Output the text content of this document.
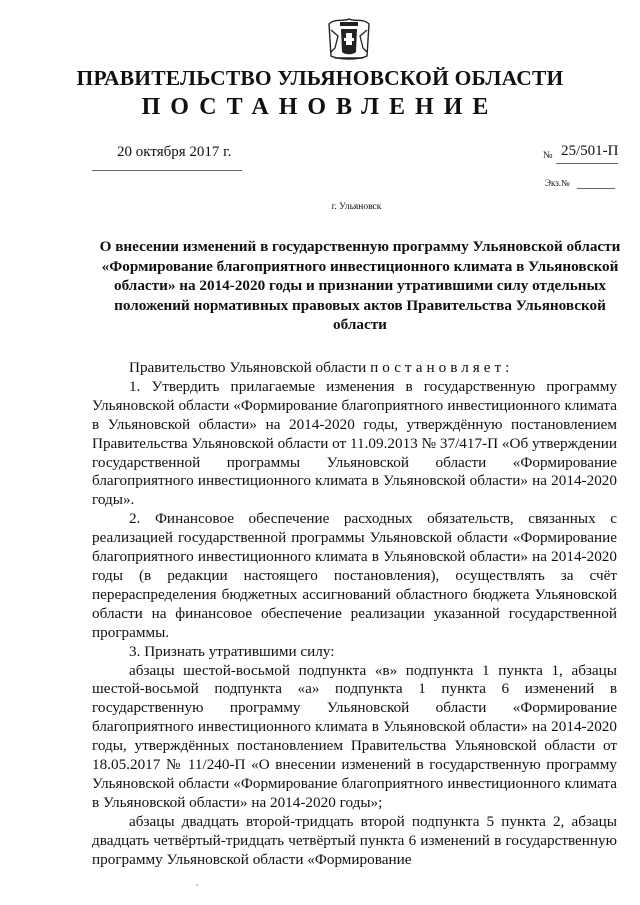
ПРАВИТЕЛЬСТВО УЛЬЯНОВСКОЙ ОБЛАСТИ
ПОСТАНОВЛЕНИЕ
20 октября 2017 г.	№ 25/501-П
Экз.№
г. Ульяновск
О внесении изменений в государственную программу Ульяновской области «Формирование благоприятного инвестиционного климата в Ульяновской области» на 2014-2020 годы и признании утратившими силу отдельных положений нормативных правовых актов Правительства Ульяновской области

Правительство Ульяновской области постановляет:

1. Утвердить прилагаемые изменения в государственную программу Ульяновской области «Формирование благоприятного инвестиционного климата в Ульяновской области» на 2014-2020 годы, утверждённую постановлением Правительства Ульяновской области от 11.09.2013 № 37/417-П «Об утверждении государственной программы Ульяновской области «Формирование благоприятного инвестиционного климата в Ульяновской области» на 2014-2020 годы».

2. Финансовое обеспечение расходных обязательств, связанных с реализацией государственной программы Ульяновской области «Формирование благоприятного инвестиционного климата в Ульяновской области» на 2014-2020 годы (в редакции настоящего постановления), осуществлять за счёт перераспределения бюджетных ассигнований областного бюджета Ульяновской области на финансовое обеспечение реализации указанной государственной программы.

3. Признать утратившими силу:

абзацы шестой-восьмой подпункта «в» подпункта 1 пункта 1, абзацы шестой-восьмой подпункта «а» подпункта 1 пункта 6 изменений в государственную программу Ульяновской области «Формирование благоприятного инвестиционного климата в Ульяновской области» на 2014-2020 годы, утверждённых постановлением Правительства Ульяновской области от 18.05.2017 № 11/240-П «О внесении изменений в государственную программу Ульяновской области «Формирование благоприятного инвестиционного климата в Ульяновской области» на 2014-2020 годы»;

абзацы двадцать второй-тридцать второй подпункта 5 пункта 2, абзацы двадцать четвёртый-тридцать четвёртый пункта 6 изменений в государственную программу Ульяновской области «Формирование
